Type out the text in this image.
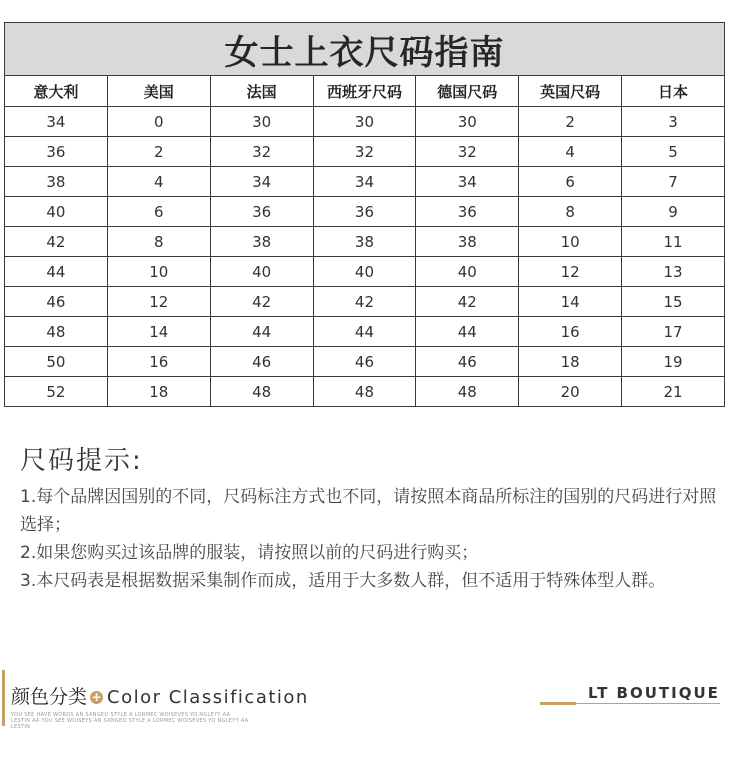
女士上衣尺码指南						
意大利	美国	法国	西班牙尺码	德国尺码	英国尺码	日本
34	0	30	30	30	2	3
36	2	32	32	32	4	5
38	4	34	34	34	6	7
40	6	36	36	36	8	9
42	8	38	38	38	10	11
44	10	40	40	40	12	13
46	12	42	42	42	14	15
48	14	44	44	44	16	17
50	16	46	46	46	18	19
52	18	48	48	48	20	21
尺码提示:

1.每个品牌因国别的不同，尺码标注方式也不同，请按照本商品所标注的国别的尺码进行对照选择；

2.如果您购买过该品牌的服装，请按照以前的尺码进行购买；

3.本尺码表是根据数据采集制作而成，适用于大多数人群，但不适用于特殊体型人群。

颜色分类 + Color Classification
YOU SEE HAVE WORDS AN SANGEO STYLE A LORMEC WOISEVES YO NGLEYY AA LESTIN AA YOU SEE WOISEYS AN SANGEO STYLE A LORMEC WOISEVES YO NGLEYY AA LESTIN
LT BOUTIQUE
